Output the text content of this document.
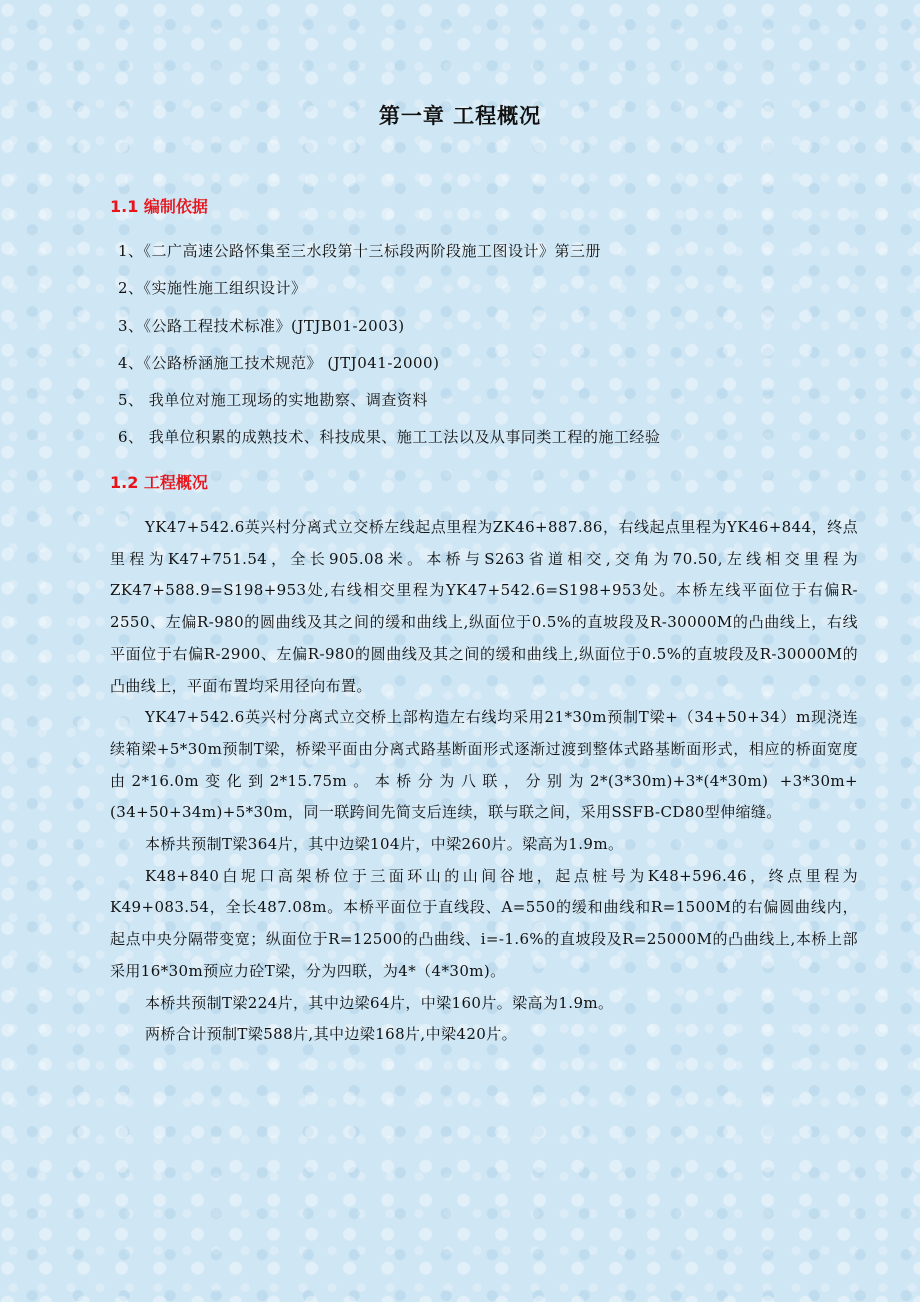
第一章 工程概况
1.1 编制依据
1、《二广高速公路怀集至三水段第十三标段两阶段施工图设计》第三册
2、《实施性施工组织设计》
3、《公路工程技术标准》(JTJB01-2003)
4、《公路桥涵施工技术规范》 (JTJ041-2000)
5、 我单位对施工现场的实地勘察、调查资料
6、 我单位积累的成熟技术、科技成果、施工工法以及从事同类工程的施工经验
1.2 工程概况

YK47+542.6英兴村分离式立交桥左线起点里程为ZK46+887.86，右线起点里程为YK46+844，终点里程为K47+751.54，全长905.08米。本桥与S263省道相交,交角为70.50,左线相交里程为ZK47+588.9=S198+953处,右线相交里程为YK47+542.6=S198+953处。本桥左线平面位于右偏R-2550、左偏R-980的圆曲线及其之间的缓和曲线上,纵面位于0.5%的直坡段及R-30000M的凸曲线上，右线平面位于右偏R-2900、左偏R-980的圆曲线及其之间的缓和曲线上,纵面位于0.5%的直坡段及R-30000M的凸曲线上，平面布置均采用径向布置。

YK47+542.6英兴村分离式立交桥上部构造左右线均采用21*30m预制T梁+（34+50+34）m现浇连续箱梁+5*30m预制T梁，桥梁平面由分离式路基断面形式逐渐过渡到整体式路基断面形式，相应的桥面宽度由2*16.0m变化到2*15.75m。本桥分为八联，分别为2*(3*30m)+3*(4*30m) +3*30m+(34+50+34m)+5*30m，同一联跨间先简支后连续，联与联之间，采用SSFB-CD80型伸缩缝。

本桥共预制T梁364片，其中边梁104片，中梁260片。梁高为1.9m。

K48+840白坭口高架桥位于三面环山的山间谷地，起点桩号为K48+596.46，终点里程为K49+083.54，全长487.08m。本桥平面位于直线段、A=550的缓和曲线和R=1500M的右偏圆曲线内，起点中央分隔带变宽；纵面位于R=12500的凸曲线、i=-1.6%的直坡段及R=25000M的凸曲线上,本桥上部采用16*30m预应力砼T梁，分为四联，为4*（4*30m)。

本桥共预制T梁224片，其中边梁64片，中梁160片。梁高为1.9m。

两桥合计预制T梁588片,其中边梁168片,中梁420片。
